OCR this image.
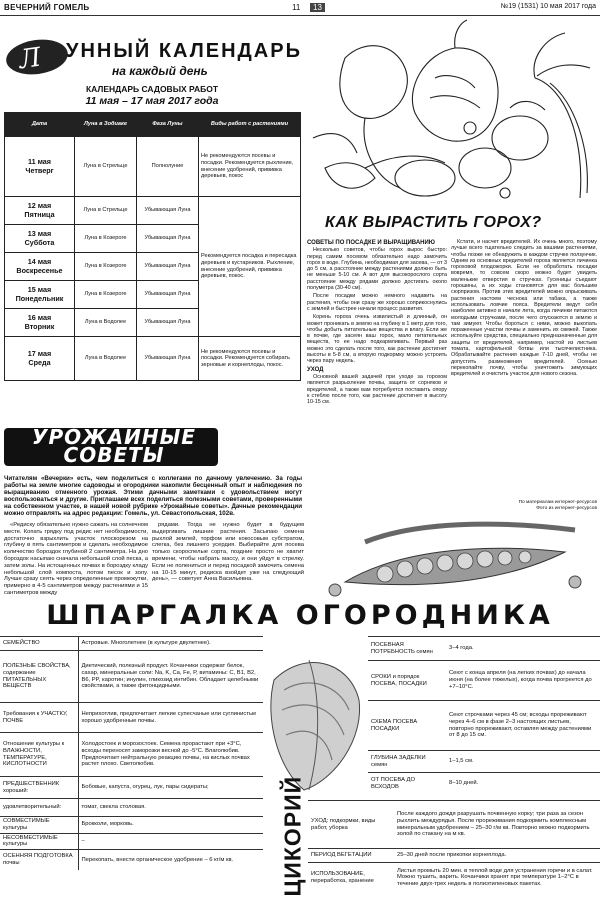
ВЕЧЕРНИЙ ГОМЕЛЬ	11	13	№19 (1531) 10 мая 2017 года
Л УННЫЙ КАЛЕНДАРЬ
на каждый день
КАЛЕНДАРЬ САДОВЫХ РАБОТ
11 мая – 17 мая 2017 года
Дата	Луна в Зодиаке	Фаза Луны	Виды работ с растениями
11 мая
Четверг	Луна в Стрельце	Полнолуние	Не рекомендуются посевы и посадки. Рекомендуется рыхление, внесение удобрений, прививка деревьев, покос
12 мая
Пятница	Луна в Стрельце	Убывающая Луна	Рекомендуется посадка и пересадка деревьев и кустарников. Рыхление, внесение удобрений, прививка деревьев, покос.
13 мая
Суббота	Луна в Козероге	Убывающая Луна	
14 мая
Воскресенье	Луна в Козероге	Убывающая Луна	
15 мая
Понедельник	Луна в Козероге	Убывающая Луна	
16 мая
Вторник	Луна в Водолее	Убывающая Луна	
17 мая
Среда	Луна в Водолее	Убывающая Луна	Не рекомендуются посевы и посадки. Рекомендуется собирать зерновые и корнеплоды, покос.
КАК ВЫРАСТИТЬ ГОРОХ?
СОВЕТЫ ПО ПОСАДКЕ И ВЫРАЩИВАНИЮ

Несколько советов, чтобы горох вырос быстро: перед самим посевом обязательно надо замочить горох в воде. Глубина, необходимая для засева, — от 3 до 5 см, а расстояние между растениями должно быть не меньше 5-10 см. А вот для высокорослого сорта расстояние между рядами должно достигать около полуметра (30-40 см).

После посадки можно немного надавить на растения, чтобы они сразу же хорошо соприкоснулись с землей и быстрее начали процесс развития.

Корень гороха очень извилистый и длинный, он может проникать в землю на глубину в 1 метр для того, чтобы добыть питательные вещества и влагу. Если же в почве, где засеян ваш горох, мало питательных веществ, то ее надо подкармливать. Первый раз можно это сделать после того, как растение достигнет высоты в 5-8 см, а вторую подкормку можно устроить через пару недель.

УХОД

Основной вашей задачей при уходе за горохом является разрыхление почвы, защита от сорняков и вредителей, а также вам потребуется поставить опору к стеблю после того, как растение достигнет в высоту 10-15 см.

Кстати, и насчет вредителей. Их очень много, поэтому лучше всего тщательно следить за вашими растениями, чтобы позже не обнаружить в каждом стручке ползунчик. Одним из основных вредителей гороха является личинка гороховой плодожорки. Если не обработать посадки вовремя, то совсем скоро можно будет увидеть маленькие отверстия в стручках. Гусеницы съедают горошины, а их ходы становятся для вас большим сюрпризом. Против этих вредителей можно опрыскивать растения настоем чеснока или табака, а также использовать ловчие пояса. Вредители ведут себя наиболее активно в начале лета, когда личинки питаются молодыми стручками, после чего спускаются в землю и там зимуют. Чтобы бороться с ними, можно выкопать пораженные участки почвы и заменить их свежей. Также используйте средства, специально предназначенные для защиты от вредителей, например, настой из листьев томата, картофельной ботвы или тысячелистника. Обрабатывайте растения каждые 7-10 дней, чтобы не допустить размножения вредителей. Осенью перекопайте почву, чтобы уничтожить зимующих вредителей и очистить участок для нового сезона.

По материалам интернет-ресурсов
Фото из интернет-ресурсов
УРОЖАЙНЫЕ СОВЕТЫ
Читателям «Вечерки» есть, чем поделиться с коллегами по дачному увлечению. За годы работы на земле многие садоводы и огородники накопили бесценный опыт и наблюдения по выращиванию отменного урожая. Этими дачными заметками с удовольствием могут воспользоваться и другие. Приглашаем всех поделиться полезными советами, проверенными на собственном участке, в нашей новой рубрике «Урожайные советы». Дачные рекомендации можно отправлять на адрес редакции: Гомель, ул. Севастопольская, 102в.

«Редиску обязательно нужно сажать на солнечном месте. Копать грядку под редис нет необходимости, достаточно взрыхлить участок плоскорезом на глубину в пять сантиметров и сделать необходимое количество бороздок глубиной 2 сантиметра. На дно бороздок насыпаю сначала небольшой слой песка, а затем золы. На истощенных почвах в бороздку кладу небольшой слой компоста, потом песок и золу. Лучше сразу сеять через определенные промежутки, примерно в 4-5 сантиметров между растениями и 15 сантиметров между

рядами. Тогда не нужно будет в будущем выдергивать лишние растения. Засыпаю семена рыхлой землей, торфом или кокосовым субстратом, слегка, без лишнего усердия. Выбирайте для посева только скороспелые сорта, поздние просто не хватит времени, чтобы набрать массу, и они уйдут в стрелку. Если не полениться и перед посадкой замочить семена на 10-15 минут, редиска взойдет уже на следующий день», — советует Анна Васильевна.

ШПАРГАЛКА ОГОРОДНИКА
СЕМЕЙСТВО	Астровые. Многолетнее (в культуре двулетнее).
ПОЛЕЗНЫЕ СВОЙСТВА, содержание ПИТАТЕЛЬНЫХ ВЕЩЕСТВ	Диетический, полезный продукт. Кочанчики содержат белок, сахар, минеральные соли: Na, K, Ca, Fe, P, витамины: C, B1, B2, B6, PP, каротин; инулин, гликозид интибин. Обладает целебными свойствами, а также фитонцидными.
Требования к УЧАСТКУ, ПОЧВЕ	Неприхотлив, предпочитает легкие супесчаные или суглинистые хорошо удобренные почвы.
Отношение культуры к ВЛАЖНОСТИ, ТЕМПЕРАТУРЕ, КИСЛОТНОСТИ	Холодостоек и морозостоек. Семена прорастают при +3°С, всходы переносят заморозки весной до -5°С. Влаголюбив. Предпочитает нейтральную реакцию почвы, на кислых почвах растет плохо. Светолюбив.
ПРЕДШЕСТВЕННИК хороший:	Бобовые, капуста, огурец, лук, пары сидераты;
удовлетворительный:	томат, свекла столовая.
СОВМЕСТИМЫЕ культуры	Брокколи, морковь.
НЕСОВМЕСТИМЫЕ культуры	–
ОСЕННЯЯ ПОДГОТОВКА почвы	Перекопать, внести органическое удобрение – 6 кг/м кв. ЦИКОРИЙ
ПОСЕВНАЯ ПОТРЕБНОСТЬ семян	3–4 года.
СРОКИ и порядок ПОСЕВА, ПОСАДКИ	Сеют с конца апреля (на легких почвах) до начала июня (на более тяжелых), когда почва прогреется до +7–10°С.
СХЕМА ПОСЕВА ПОСАДКИ	Сеют строчками через 45 см; всходы прореживают через 4–6 см в фазе 2–3 настоящих листьев, повторно прореживают, оставляя между растениями от 8 до 15 см.
ГЛУБИНА ЗАДЕЛКИ семян	1–1,5 см.
ОТ ПОСЕВА ДО ВСХОДОВ	8–10 дней.
УХОД: подкормки, виды работ, уборка	После каждого дождя разрушать почвенную корку; три раза за сезон рыхлить междурядья. После прореживания подкормить комплексным минеральным удобрением – 25–30 г/м кв. Повторно можно подкормить золой по стакану на м кв.
ПЕРИОД ВЕГЕТАЦИИ	25–30 дней после прикопки корнеплода.
ИСПОЛЬЗОВАНИЕ, переработка, хранение	Листья промыть 20 мин. в теплой воде для устранения горечи и в салат. Можно тушить, варить. Кочанчики хранят при температуре 1–2°С в течение двух-трех недель в полиэтиленовых пакетах.
